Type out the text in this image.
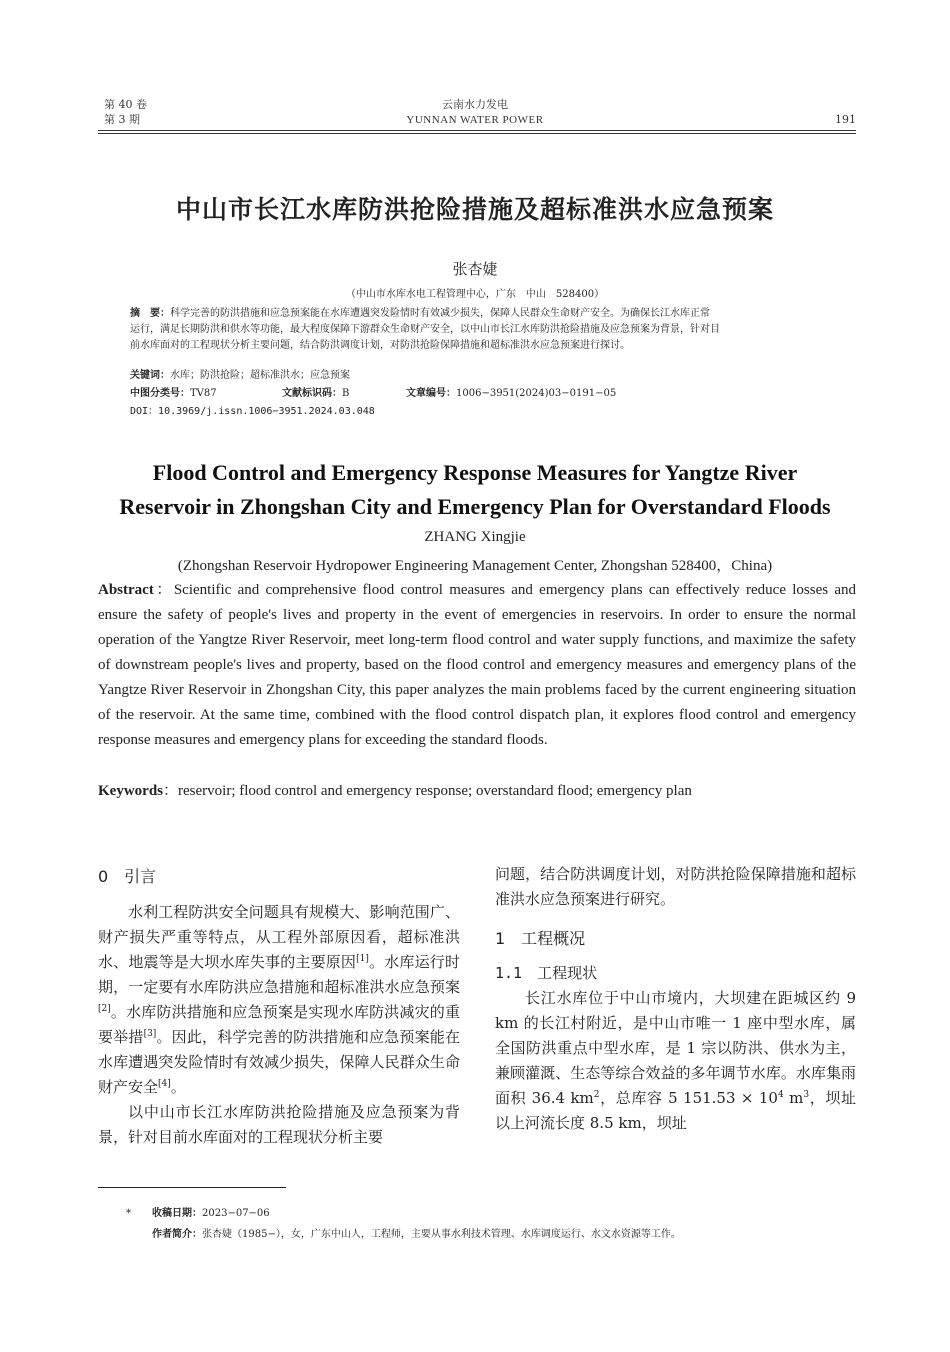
第 40 卷
第 3 期
云南水力发电
YUNNAN WATER POWER	191
中山市长江水库防洪抢险措施及超标准洪水应急预案
张杏婕
（中山市水库水电工程管理中心，广东　中山　528400）
摘　要：科学完善的防洪措施和应急预案能在水库遭遇突发险情时有效减少损失，保障人民群众生命财产安全。为确保长江水库正常
运行，满足长期防洪和供水等功能，最大程度保障下游群众生命财产安全，以中山市长江水库防洪抢险措施及应急预案为背景，针对目
前水库面对的工程现状分析主要问题，结合防洪调度计划，对防洪抢险保障措施和超标准洪水应急预案进行探讨。
关键词：水库；防洪抢险；超标准洪水；应急预案
中图分类号：TV87	文献标识码：B	文章编号：1006−3951(2024)03−0191−05
DOI：10.3969/j.issn.1006−3951.2024.03.048
Flood Control and Emergency Response Measures for Yangtze River
Reservoir in Zhongshan City and Emergency Plan for Overstandard Floods
ZHANG Xingjie
(Zhongshan Reservoir Hydropower Engineering Management Center, Zhongshan 528400，China)
Abstract：Scientific and comprehensive flood control measures and emergency plans can effectively reduce losses and ensure the safety of people's lives and property in the event of emergencies in reservoirs. In order to ensure the normal operation of the Yangtze River Reservoir, meet long-term flood control and water supply functions, and maximize the safety of downstream people's lives and property, based on the flood control and emergency measures and emergency plans of the Yangtze River Reservoir in Zhongshan City, this paper analyzes the main problems faced by the current engineering situation of the reservoir. At the same time, combined with the flood control dispatch plan, it explores flood control and emergency response measures and emergency plans for exceeding the standard floods.
Keywords：reservoir; flood control and emergency response; overstandard flood; emergency plan
0　引言

水利工程防洪安全问题具有规模大、影响范围广、财产损失严重等特点，从工程外部原因看，超标准洪水、地震等是大坝水库失事的主要原因[1]。水库运行时期，一定要有水库防洪应急措施和超标准洪水应急预案[2]。水库防洪措施和应急预案是实现水库防洪减灾的重要举措[3]。因此，科学完善的防洪措施和应急预案能在水库遭遇突发险情时有效减少损失，保障人民群众生命财产安全[4]。

以中山市长江水库防洪抢险措施及应急预案为背景，针对目前水库面对的工程现状分析主要

问题，结合防洪调度计划，对防洪抢险保障措施和超标准洪水应急预案进行研究。

1　工程概况
1.1　工程现状

长江水库位于中山市境内，大坝建在距城区约 9 km 的长江村附近，是中山市唯一 1 座中型水库，属全国防洪重点中型水库，是 1 宗以防洪、供水为主，兼顾灌溉、生态等综合效益的多年调节水库。水库集雨面积 36.4 $km^2$，总库容 5 $151.53 \times 10^4$ $m^3$，坝址以上河流长度 8.5 km，坝址

* 收稿日期：2023−07−06
作者简介：张杏婕（1985−），女，广东中山人，工程师，主要从事水利技术管理、水库调度运行、水文水资源等工作。
